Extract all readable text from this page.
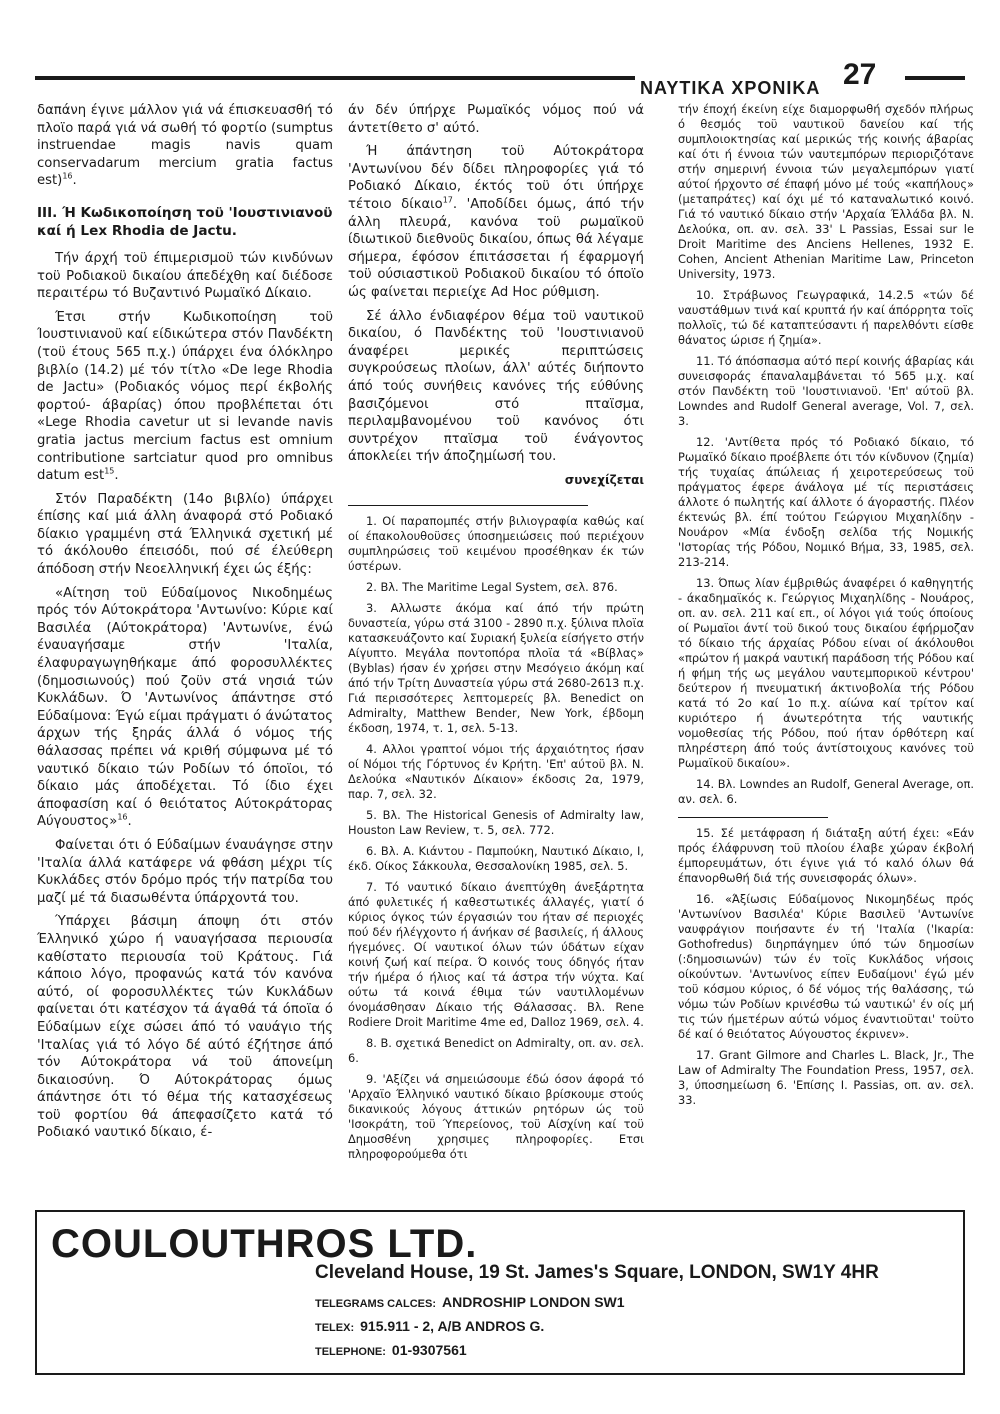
ΝΑΥΤΙΚΑ ΧΡΟΝΙΚΑ 27

δαπάνη έγινε μάλλον γιά νά έπισκευασθή τό πλοϊο παρά γιά νά σωθή τό φορτίο (sumptus instruendae magis navis quam conservadarum mercium gratia factus est)$^{16}$.

III. Ή Κωδικοποίηση τοϋ 'Ιουστινιανοϋ καί ή Lex Rhodia de Jactu.

Τήν άρχή τοϋ έπιμερισμοϋ τών κινδύνων τοϋ Ροδιακοϋ δικαίου άπεδέχθη καί διέδοσε περαιτέρω τό Βυζαντινό Ρωμαϊκό Δίκαιο.

Έτσι στήν Κωδικοποίηση τοϋ Ίουστινιανοϋ καί είδικώτερα στόν Πανδέκτη (τοϋ έτους 565 π.χ.) ύπάρχει ένα όλόκληρο βιβλίο (14.2) μέ τόν τίτλο «De lege Rhodia de Jactu» (Ροδιακός νόμος περί έκβολής φορτού- άβαρίας) όπου προβλέπεται ότι «Lege Rhodia cavetur ut si levande navis gratia jactus mercium factus est omnium contributione sartciatur quod pro omnibus datum est$^{15}$.

Στόν Παραδέκτη (14ο βιβλίο) ύπάρχει έπίσης καί μιά άλλη άναφορά στό Ροδιακό δίακιο γραμμένη στά Έλληνικά σχετική μέ τό άκόλουθο έπεισόδι, πού σέ έλεύθερη άπόδοση στήν Νεοελληνική έχει ώς έξής:

«Αίτηση τοϋ Εύδαίμονος Νικοδημέως πρός τόν Αύτοκράτορα 'Αντωνίνο: Κύριε καί Βασιλέα (Αύτοκράτορα) 'Αντωνίνε, ένώ έναυαγήσαμε στήν 'Ιταλία, έλαφυραγωγηθήκαμε άπό φοροσυλλέκτες (δημοσιωνούς) πού ζοϋν στά νησιά τών Κυκλάδων. Ό 'Αντωνίνος άπάντησε στό Εύδαίμονα: Έγώ είμαι πράγματι ό άνώτατος άρχων τής ξηράς άλλά ό νόμος τής θάλασσας πρέπει νά κριθή σύμφωνα μέ τό ναυτικό δίκαιο τών Ροδίων τό όποϊοι, τό δίκαιο μάς άποδέχεται. Τό ίδιο έχει άποφασίση καί ό θειότατος Αύτοκράτορας Αύγουστος»$^{16}$.

Φαίνεται ότι ό Εύδαίμων έναυάγησε στην 'Ιταλία άλλά κατάφερε νά φθάση μέχρι τίς Κυκλάδες στόν δρόμο πρός τήν πατρίδα του μαζί μέ τά διασωθέντα ύπάρχοντά του.

Ύπάρχει βάσιμη άποψη ότι στόν Έλληνικό χώρο ή ναυαγήσασα περιουσία καθίστατο περιουσία τοϋ Κράτους. Γιά κάποιο λόγο, προφανώς κατά τόν κανόνα αύτό, οί φοροσυλλέκτες τών Κυκλάδων φαίνεται ότι κατέσχον τά άγαθά τά όποϊα ό Εύδαίμων είχε σώσει άπό τό ναυάγιο τής 'Ιταλίας γιά τό λόγο δέ αύτό έζήτησε άπό τόν Αύτοκράτορα νά τοϋ άπονείμη δικαιοσύνη. Ό Αύτοκράτορας όμως άπάντησε ότι τό θέμα τής κατασχέσεως τοϋ φορτίου θά άπεφασίζετο κατά τό Ροδιακό ναυτικό δίκαιο, έ-

άν δέν ύπήρχε Ρωμαϊκός νόμος πού νά άντετίθετο σ' αύτό.

Ή άπάντηση τοϋ Αύτοκράτορα 'Αντωνίνου δέν δίδει πληροφορίες γιά τό Ροδιακό Δίκαιο, έκτός τοϋ ότι ύπήρχε τέτοιο δίκαιο$^{17}$. 'Αποδίδει όμως, άπό τήν άλλη πλευρά, κανόνα τοϋ ρωμαϊκοϋ ίδιωτικοϋ διεθνοϋς δικαίου, όπως θά λέγαμε σήμερα, έφόσον έπιτάσσεται ή έφαρμογή τοϋ ούσιαστικοϋ Ροδιακοϋ δικαίου τό όποϊο ώς φαίνεται περιείχε Ad Hoc ρύθμιση.

Σέ άλλο ένδιαφέρον θέμα τοϋ ναυτικοϋ δικαίου, ό Πανδέκτης τοϋ 'Ιουστινιανοϋ άναφέρει μερικές περιπτώσεις συγκρούσεως πλοίων, άλλ' αύτές διήποντο άπό τούς συνήθεις κανόνες τής εύθύνης βασιζόμενοι στό πταϊσμα, περιλαμβανομένου τοϋ κανόνος ότι συντρέχον πταϊσμα τοϋ ένάγοντος άποκλείει τήν άποζημίωσή του.

συνεχίζεται

1. Οί παραπομπές στήν βιλιογραφία καθώς καί οί έπακολουθοϋσες ύποσημειώσεις πού περιέχουν συμπληρώσεις τοϋ κειμένου προσέθηκαν έκ τών ύστέρων.

2. Βλ. The Maritime Legal System, σελ. 876.

3. Αλλωστε άκόμα καί άπό τήν πρώτη δυναστεία, γύρω στά 3100 - 2890 π.χ. ξύλινα πλοϊα κατασκευάζοντο καί Συριακή ξυλεία είσήγετο στήν Αίγυπτο. Μεγάλα ποντοπόρα πλοϊα τά «Βίβλας» (Byblas) ήσαν έν χρήσει στην Μεσόγειο άκόμη καί άπό τήν Τρίτη Δυναστεία γύρω στά 2680-2613 π.χ. Γιά περισσότερες λεπτομερείς βλ. Benedict on Admiralty, Matthew Bender, New York, έβδομη έκδοση, 1974, τ. 1, σελ. 5-13.

4. Αλλοι γραπτοί νόμοι τής άρχαιότητος ήσαν οί Νόμοι τής Γόρτυνος έν Κρήτη. 'Επ' αύτοϋ βλ. Ν. Δελούκα «Ναυτικόν Δίκαιον» έκδοσις 2α, 1979, παρ. 7, σελ. 32.

5. Βλ. The Historical Genesis of Admiralty law, Houston Law Review, τ. 5, σελ. 772.

6. Βλ. Α. Κιάντου - Παμπούκη, Ναυτικό Δίκαιο, Ι, έκδ. Οίκος Σάκκουλα, Θεσσαλονίκη 1985, σελ. 5.

7. Τό ναυτικό δίκαιο άνεπτύχθη άνεξάρτητα άπό φυλετικές ή καθεστωτικές άλλαγές, γιατί ό κύριος όγκος τών έργασιών του ήταν σέ περιοχές πού δέν ήλέγχοντο ή άνήκαν σέ βασιλείς, ή άλλους ήγεμόνες. Οί ναυτικοί όλων τών ύδάτων είχαν κοινή ζωή καί πείρα. Ό κοινός τους όδηγός ήταν τήν ήμέρα ό ήλιος καί τά άστρα τήν νύχτα. Καί ούτω τά κοινά έθιμα τών ναυτιλλομένων όνομάσθησαν Δίκαιο τής Θάλασσας. Βλ. Rene Rodiere Droit Maritime 4me ed, Dalloz 1969, σελ. 4.

8. Β. σχετικά Benedict on Admiralty, οπ. αν. σελ. 6.

9. 'Αξίζει νά σημειώσουμε έδώ όσον άφορά τό 'Αρχαϊο Έλληνικό ναυτικό δίκαιο βρίσκουμε στούς δικανικούς λόγους άττικών ρητόρων ώς τοϋ 'Ισοκράτη, τοϋ Ύπερείονος, τοϋ Αίσχίνη καί τοϋ Δημοσθένη χρησιμες πληροφορίες. Ετσι πληροφορούμεθα ότι

τήν έποχή έκείνη είχε διαμορφωθή σχεδόν πλήρως ό θεσμός τοϋ ναυτικοϋ δανείου καί τής συμπλοιοκτησίας καί μερικώς τής κοινής άβαρίας καί ότι ή έννοια τών ναυτεμπόρων περιοριζότανε στήν σημερινή έννοια τών μεγαλεμπόρων γιατί αύτοί ήρχοντο σέ έπαφή μόνο μέ τούς «καπήλους» (μεταπράτες) καί όχι μέ τό καταναλωτικό κοινό. Γιά τό ναυτικό δίκαιο στήν 'Αρχαία Έλλάδα βλ. Ν. Δελούκα, οπ. αν. σελ. 33' L Passias, Essai sur le Droit Maritime des Anciens Hellenes, 1932 E. Cohen, Ancient Athenian Maritime Law, Princeton University, 1973.

10. Στράβωνος Γεωγραφικά, 14.2.5 «τών δέ ναυστάθμων τινά καί κρυπτά ήν καί άπόρρητα τοϊς πολλοϊς, τώ δέ καταπτεύσαντι ή παρελθόντι είσθε θάνατος ώρισε ή ζημία».

11. Τό άπόσπασμα αύτό περί κοινής άβαρίας κάι συνεισφοράς έπαναλαμβάνεται τό 565 μ.χ. καί στόν Πανδέκτη τοϋ 'Ιουστινιανοϋ. 'Επ' αύτοϋ βλ. Lowndes and Rudolf General average, Vol. 7, σελ. 3.

12. 'Αντίθετα πρός τό Ροδιακό δίκαιο, τό Ρωμαϊκό δίκαιο προέβλεπε ότι τόν κίνδυνον (ζημία) τής τυχαίας άπώλειας ή χειροτερεύσεως τοϋ πράγματος έφερε άνάλογα μέ τίς περιστάσεις άλλοτε ό πωλητής καί άλλοτε ό άγοραστής. Πλέον έκτενώς βλ. έπί τούτου Γεώργιου Μιχαηλίδην - Νουάρον «Μία ένδοξη σελίδα τής Νομικής 'Ιστορίας τής Ρόδου, Νομικό Βήμα, 33, 1985, σελ. 213-214.

13. Όπως λίαν έμβριθώς άναφέρει ό καθηγητής - άκαδημαϊκός κ. Γεώργιος Μιχαηλίδης - Νουάρος, οπ. αν. σελ. 211 καί επ., οί λόγοι γιά τούς όποίους οί Ρωμαϊοι άντί τοϋ δικού τους δικαίου έφήρμοζαν τό δίκαιο τής άρχαίας Ρόδου είναι οί άκόλουθοι «πρώτον ή μακρά ναυτική παράδοση τής Ρόδου καί ή φήμη τής ως μεγάλου ναυτεμπορικοϋ κέντρου' δεύτερον ή πνευματική άκτινοβολία τής Ρόδου κατά τό 2ο καί 1ο π.χ. αίώνα καί τρίτον καί κυριότερο ή άνωτερότητα τής ναυτικής νομοθεσίας τής Ρόδου, πού ήταν όρθότερη καί πληρέστερη άπό τούς άντίστοιχους κανόνες τοϋ Ρωμαϊκοϋ δικαίου».

14. Βλ. Lowndes an Rudolf, General Average, οπ. αν. σελ. 6.

15. Σέ μετάφραση ή διάταξη αύτή έχει: «Εάν πρός έλάφρυνση τοϋ πλοίου έλαβε χώραν έκβολή έμπορευμάτων, ότι έγινε γιά τό καλό όλων θά έπανορθωθή διά τής συνεισφοράς όλων».

16. «Άξίωσις Εύδαίμονος Νικομηδέως πρός 'Αντωνίνον Βασιλέα' Κύριε Βασιλεϋ 'Αντωνίνε ναυφράγιον ποιήσαντε έν τή 'Ιταλία ('Ικαρία: Gothofredus) διηρπάγημεν ύπό τών δημοσίων (:δημοσιωνών) τών έν τοϊς Κυκλάδος νήσοις οίκούντων. 'Αντωνίνος είπεν Ευδαίμονι' έγώ μέν τοϋ κόσμου κύριος, ό δέ νόμος τής θαλάσσης, τώ νόμω τών Ροδίων κρινέσθω τώ ναυτικώ' έν οίς μή τις τών ήμετέρων αύτώ νόμος έναντιοϋται' τοϋτο δέ καί ό θειότατος Αύγουστος έκρινεν».

17. Grant Gilmore and Charles L. Black, Jr., The Law of Admiralty The Foundation Press, 1957, σελ. 3, ύποσημείωση 6. 'Επίσης Ι. Passias, οπ. αν. σελ. 33.

COULOUTHROS LTD.
Cleveland House, 19 St. James's Square, LONDON, SW1Y 4HR
TELEGRAMS CALCES: ANDROSHIP LONDON SW1
TELEX: 915.911 - 2, A/B ANDROS G.
TELEPHONE: 01-9307561
